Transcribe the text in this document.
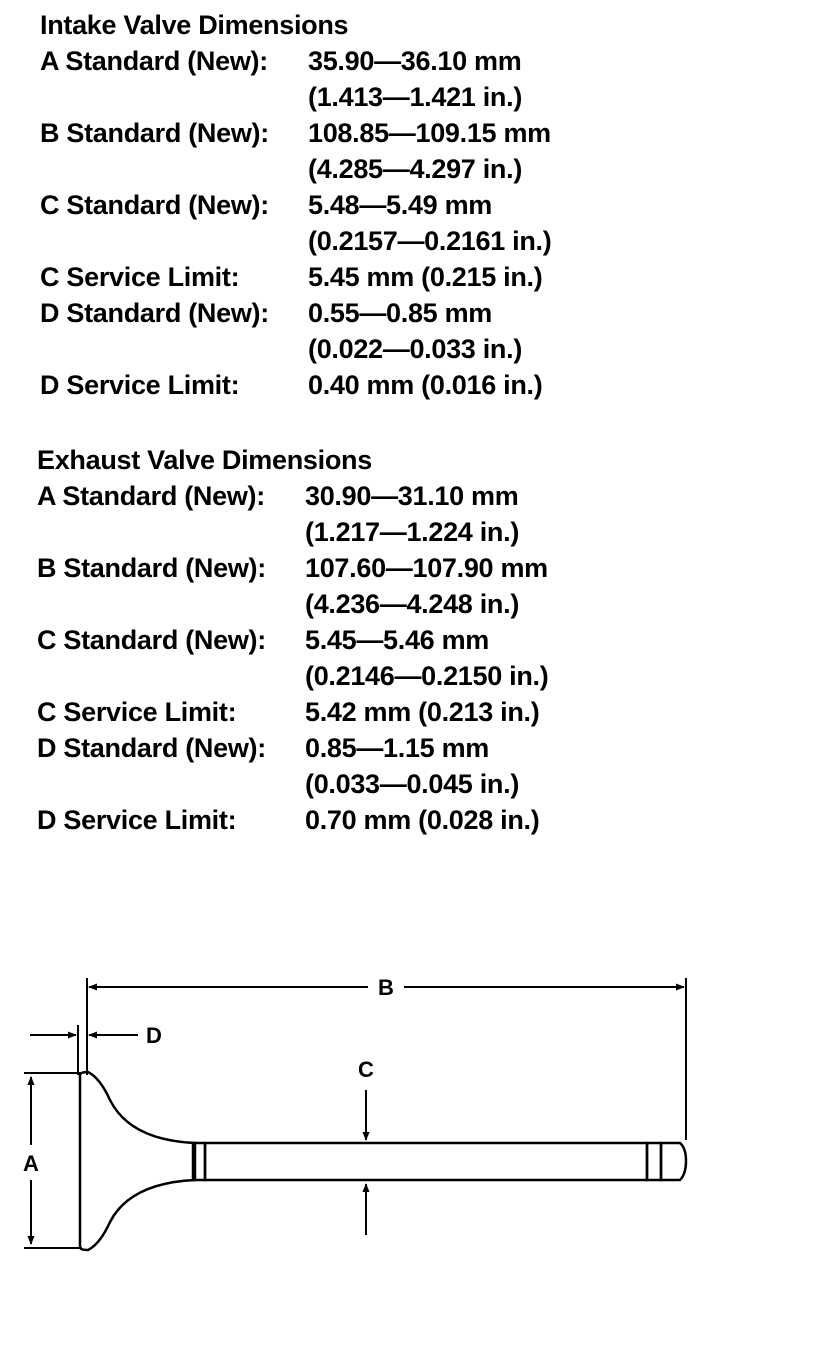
Intake Valve Dimensions
A Standard (New): 35.90—36.10 mm
(1.413—1.421 in.)
B Standard (New): 108.85—109.15 mm
(4.285—4.297 in.)
C Standard (New): 5.48—5.49 mm
(0.2157—0.2161 in.)
C Service Limit:	5.45 mm (0.215 in.)
D Standard (New): 0.55—0.85 mm
(0.022—0.033 in.)
D Service Limit:	0.40 mm (0.016 in.)
Exhaust Valve Dimensions
A Standard (New): 30.90—31.10 mm
(1.217—1.224 in.)
B Standard (New): 107.60—107.90 mm
(4.236—4.248 in.)
C Standard (New): 5.45—5.46 mm
(0.2146—0.2150 in.)
C Service Limit:	5.42 mm (0.213 in.)
D Standard (New): 0.85—1.15 mm
(0.033—0.045 in.)
D Service Limit:	0.70 mm (0.028 in.)
B
D
A
C
